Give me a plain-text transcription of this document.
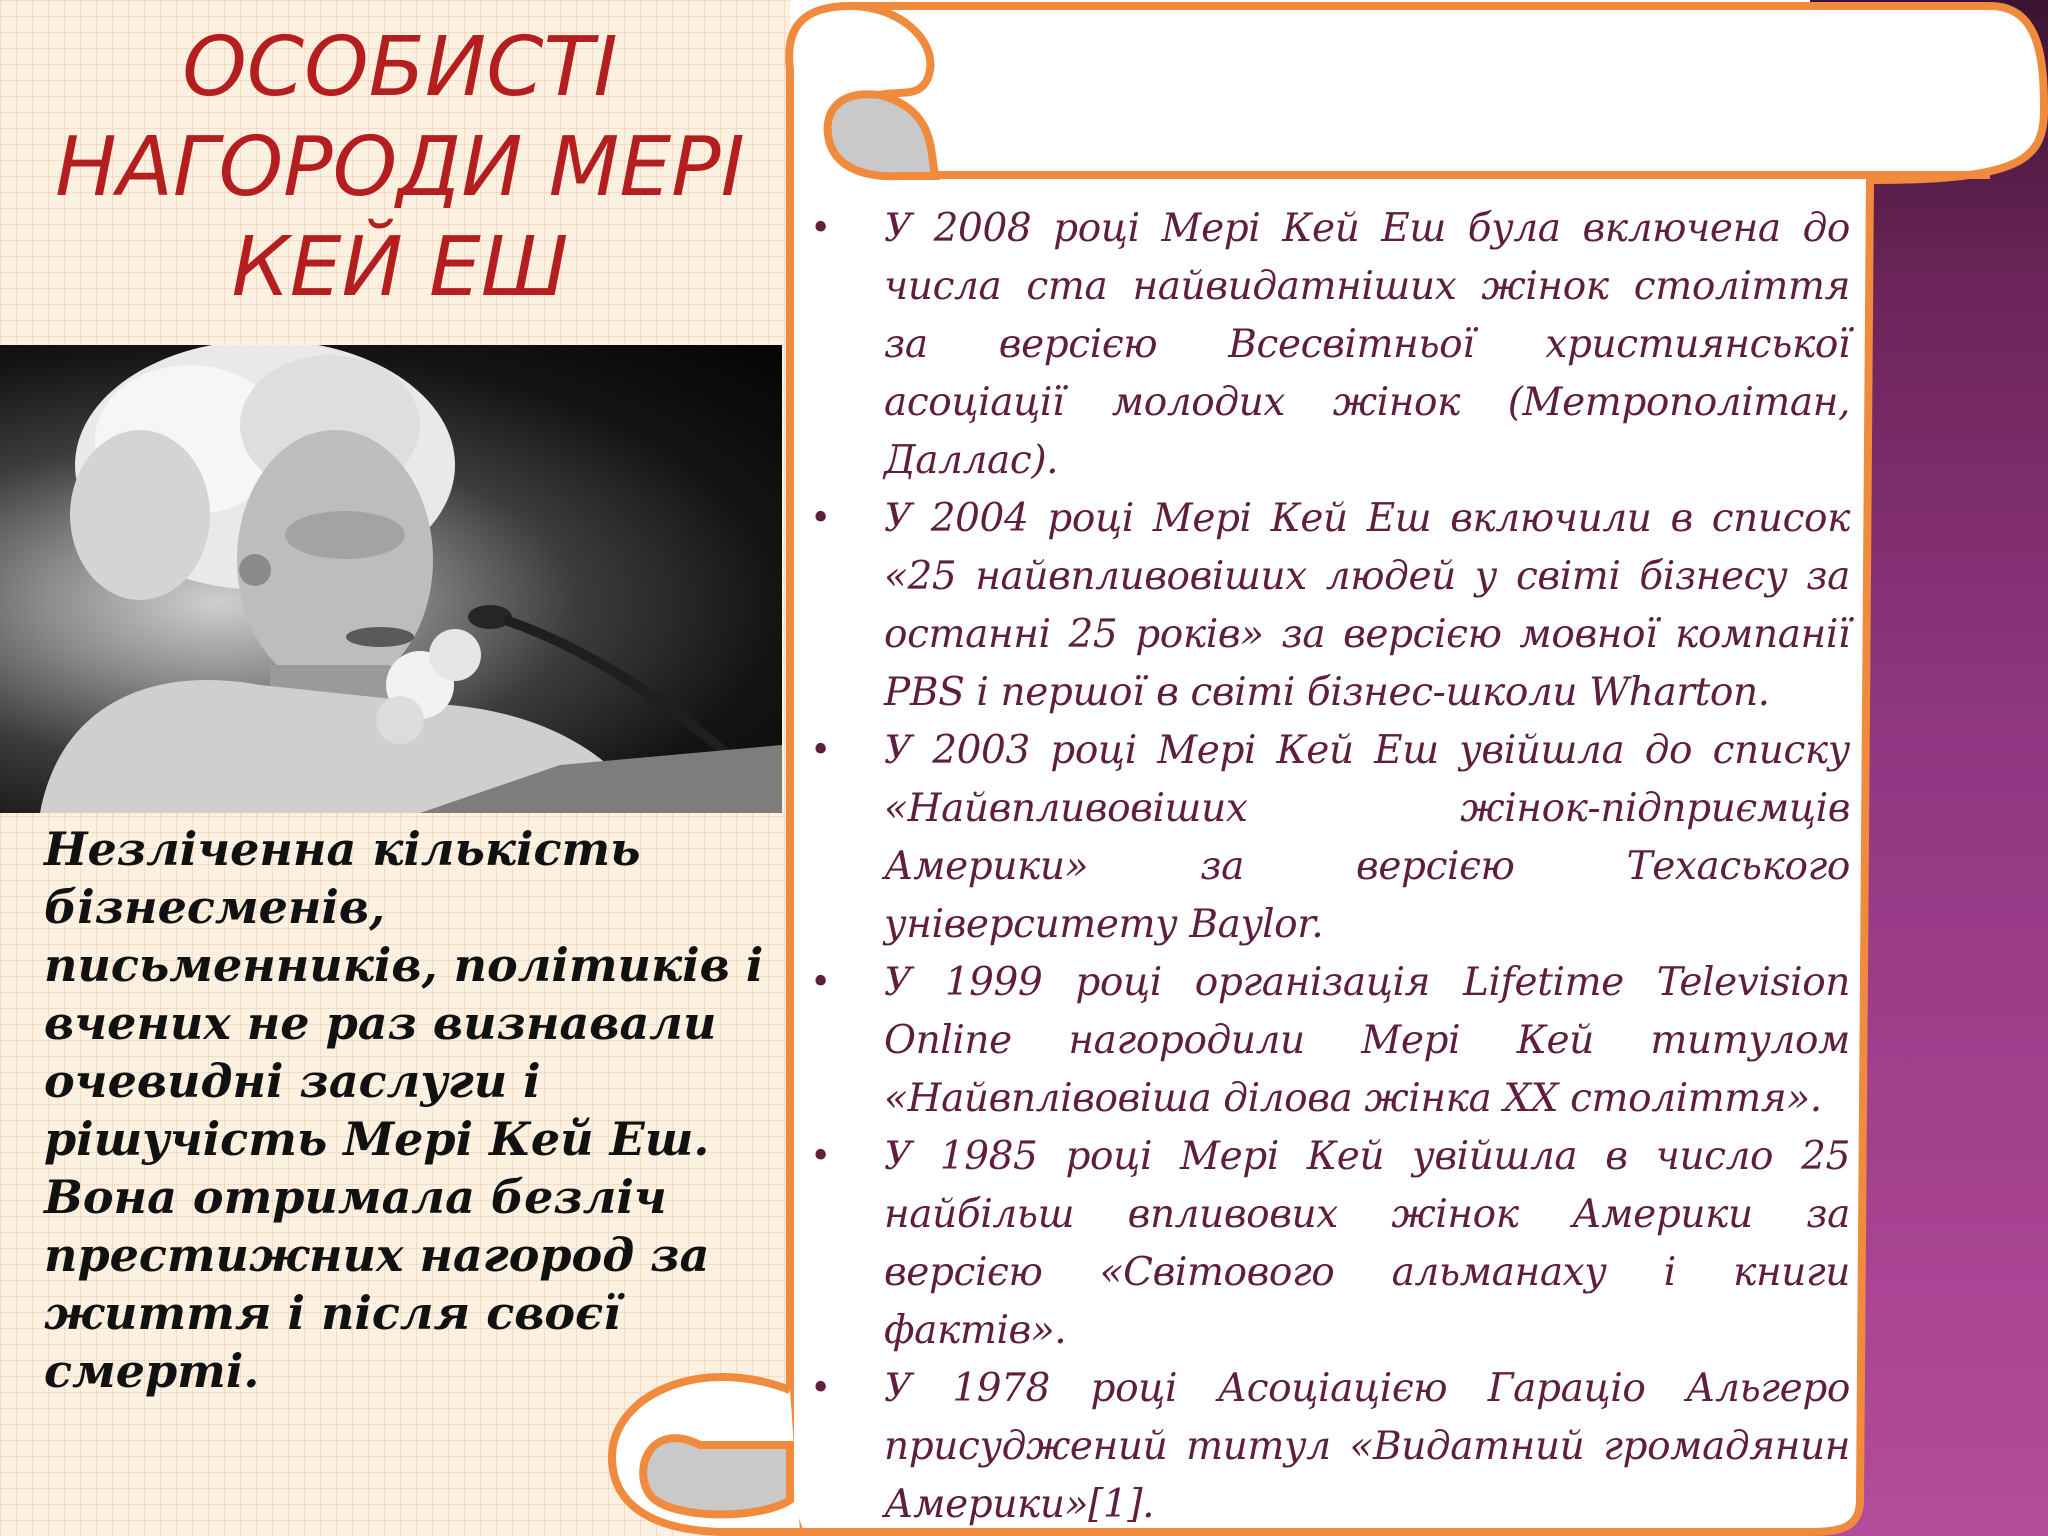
ОСОБИСТІ НАГОРОДИ МЕРІ КЕЙ ЕШ

Незліченна кількість бізнесменів, письменників, політиків і вчених не раз визнавали очевидні заслуги і рішучість Мері Кей Еш. Вона отримала безліч престижних нагород за життя і після своєї смерті.

• У 2008 році Мері Кей Еш була включена до числа ста найвидатніших жінок століття за версією Всесвітньої християнської асоціації молодих жінок (Метрополітан, Даллас).
• У 2004 році Мері Кей Еш включили в список «25 найвпливовіших людей у світі бізнесу за останні 25 років» за версією мовної компанії PBS і першої в світі бізнес-школи Wharton.
• У 2003 році Мері Кей Еш увійшла до списку «Найвпливовіших жінок-підприємців Америки» за версією Техаського університету Baylor.
• У 1999 році організація Lifetime Television Online нагородили Мері Кей титулом «Найвплівовіша ділова жінка XX століття».
• У 1985 році Мері Кей увійшла в число 25 найбільш впливових жінок Америки за версією «Світового альманаху і книги фактів».
• У 1978 році Асоціацією Гараціо Альгеро присуджений титул «Видатний громадянин Америки»[1].
